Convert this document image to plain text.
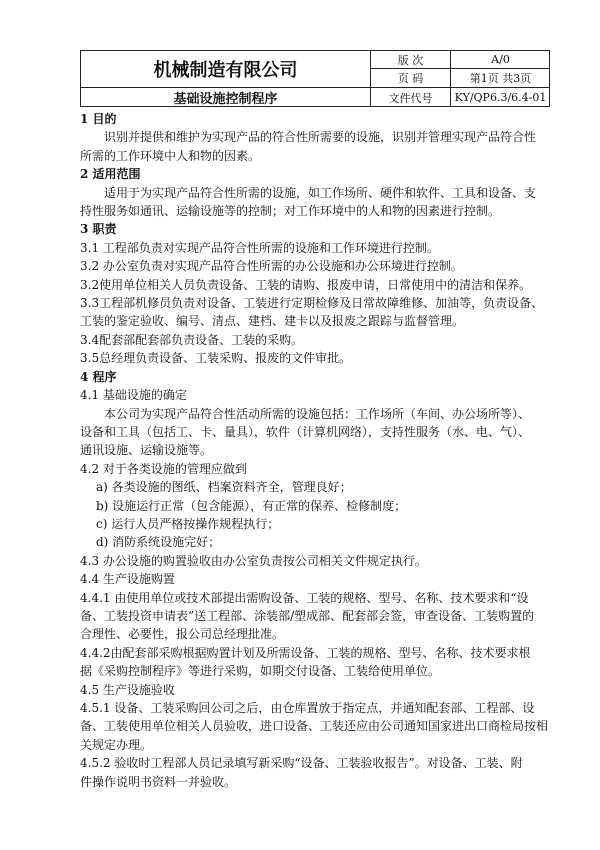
机械制造有限公司
基础设施控制程序
版 次	A/0
页 码	第1页 共3页
文件代号	KY/QP6.3/6.4-01

1 目的

识别并提供和维护为实现产品的符合性所需要的设施，识别并管理实现产品符合性

所需的工作环境中人和物的因素。

2 适用范围

适用于为实现产品符合性所需的设施，如工作场所、硬件和软件、工具和设备、支

持性服务如通讯、运输设施等的控制；对工作环境中的人和物的因素进行控制。

3 职责

3.1 工程部负责对实现产品符合性所需的设施和工作环境进行控制。

3.2 办公室负责对实现产品符合性所需的办公设施和办公环境进行控制。

3.2使用单位相关人员负责设备、工装的请购、报废申请，日常使用中的清洁和保养。

3.3工程部机修员负责对设备、工装进行定期检修及日常故障维修、加油等，负责设备、

工装的鉴定验收、编号、清点、建档、建卡以及报废之跟踪与监督管理。

3.4配套部配套部负责设备、工装的采购。

3.5总经理负责设备、工装采购、报废的文件审批。

4 程序

4.1 基础设施的确定

本公司为实现产品符合性活动所需的设施包括：工作场所（车间、办公场所等）、

设备和工具（包括工、卡、量具），软件（计算机网络），支持性服务（水、电、气）、

通讯设施、运输设施等。

4.2 对于各类设施的管理应做到

a) 各类设施的图纸、档案资料齐全，管理良好；

b) 设施运行正常（包含能源），有正常的保养、检修制度；

c) 运行人员严格按操作规程执行；

d) 消防系统设施完好；

4.3 办公设施的购置验收由办公室负责按公司相关文件规定执行。

4.4 生产设施购置

4.4.1 由使用单位或技术部提出需购设备、工装的规格、型号、名称、技术要求和“设

备、工装投资申请表”送工程部、涂装部/塑成部、配套部会签，审查设备、工装购置的

合理性、必要性，报公司总经理批准。

4.4.2由配套部采购根据购置计划及所需设备、工装的规格、型号、名称、技术要求根

据《采购控制程序》等进行采购，如期交付设备、工装给使用单位。

4.5 生产设施验收

4.5.1 设备、工装采购回公司之后，由仓库置放于指定点，并通知配套部、工程部、设

备、工装使用单位相关人员验收，进口设备、工装还应由公司通知国家进出口商检局按相

关规定办理。

4.5.2 验收时工程部人员记录填写新采购“设备、工装验收报告”。对设备、工装、附

件操作说明书资料一并验收。
